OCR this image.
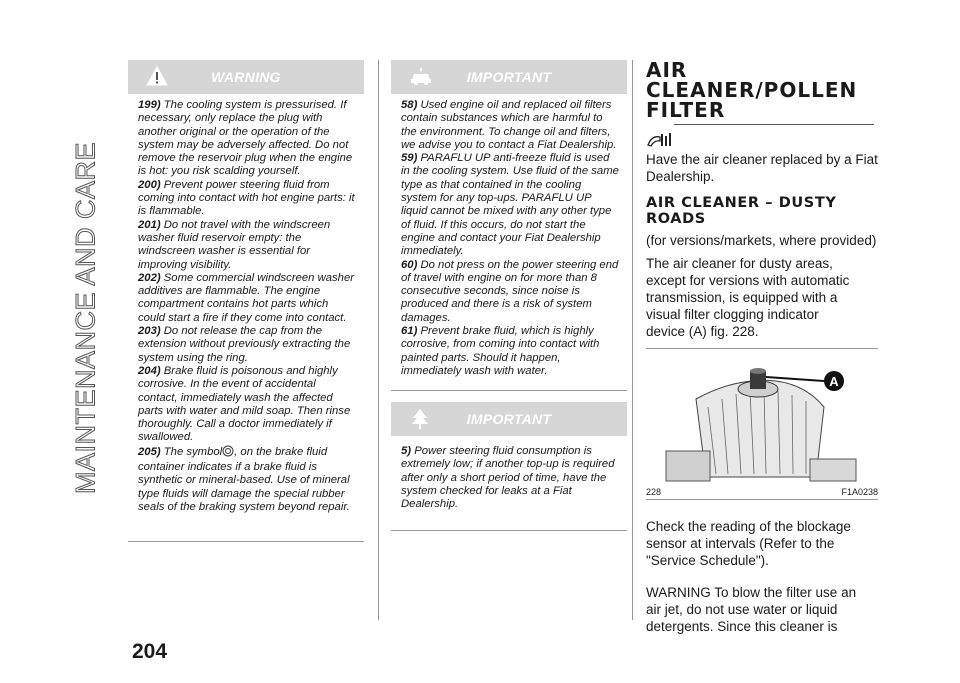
MAINTENANCE AND CARE
204
WARNING

199) The cooling system is pressurised. If necessary, only replace the plug with another original or the operation of the system may be adversely affected. Do not remove the reservoir plug when the engine is hot: you risk scalding yourself.

200) Prevent power steering fluid from coming into contact with hot engine parts: it is flammable.

201) Do not travel with the windscreen washer fluid reservoir empty: the windscreen washer is essential for improving visibility.

202) Some commercial windscreen washer additives are flammable. The engine compartment contains hot parts which could start a fire if they come into contact.

203) Do not release the cap from the extension without previously extracting the system using the ring.

204) Brake fluid is poisonous and highly corrosive. In the event of accidental contact, immediately wash the affected parts with water and mild soap. Then rinse thoroughly. Call a doctor immediately if swallowed.

205) The symbol , on the brake fluid container indicates if a brake fluid is synthetic or mineral-based. Use of mineral type fluids will damage the special rubber seals of the braking system beyond repair.

IMPORTANT

58) Used engine oil and replaced oil filters contain substances which are harmful to the environment. To change oil and filters, we advise you to contact a Fiat Dealership.

59) PARAFLU UP anti-freeze fluid is used in the cooling system. Use fluid of the same type as that contained in the cooling system for any top-ups. PARAFLU UP liquid cannot be mixed with any other type of fluid. If this occurs, do not start the engine and contact your Fiat Dealership immediately.

60) Do not press on the power steering end of travel with engine on for more than 8 consecutive seconds, since noise is produced and there is a risk of system damages.

61) Prevent brake fluid, which is highly corrosive, from coming into contact with painted parts. Should it happen, immediately wash with water.

IMPORTANT

5) Power steering fluid consumption is extremely low; if another top-up is required after only a short period of time, have the system checked for leaks at a Fiat Dealership.

AIR CLEANER/POLLEN FILTER

Have the air cleaner replaced by a Fiat Dealership.

AIR CLEANER – DUSTY ROADS

(for versions/markets, where provided)

The air cleaner for dusty areas, except for versions with automatic transmission, is equipped with a visual filter clogging indicator device (A) fig. 228.

A
228	F1A0238

Check the reading of the blockage sensor at intervals (Refer to the "Service Schedule").

WARNING To blow the filter use an air jet, do not use water or liquid detergents. Since this cleaner is
